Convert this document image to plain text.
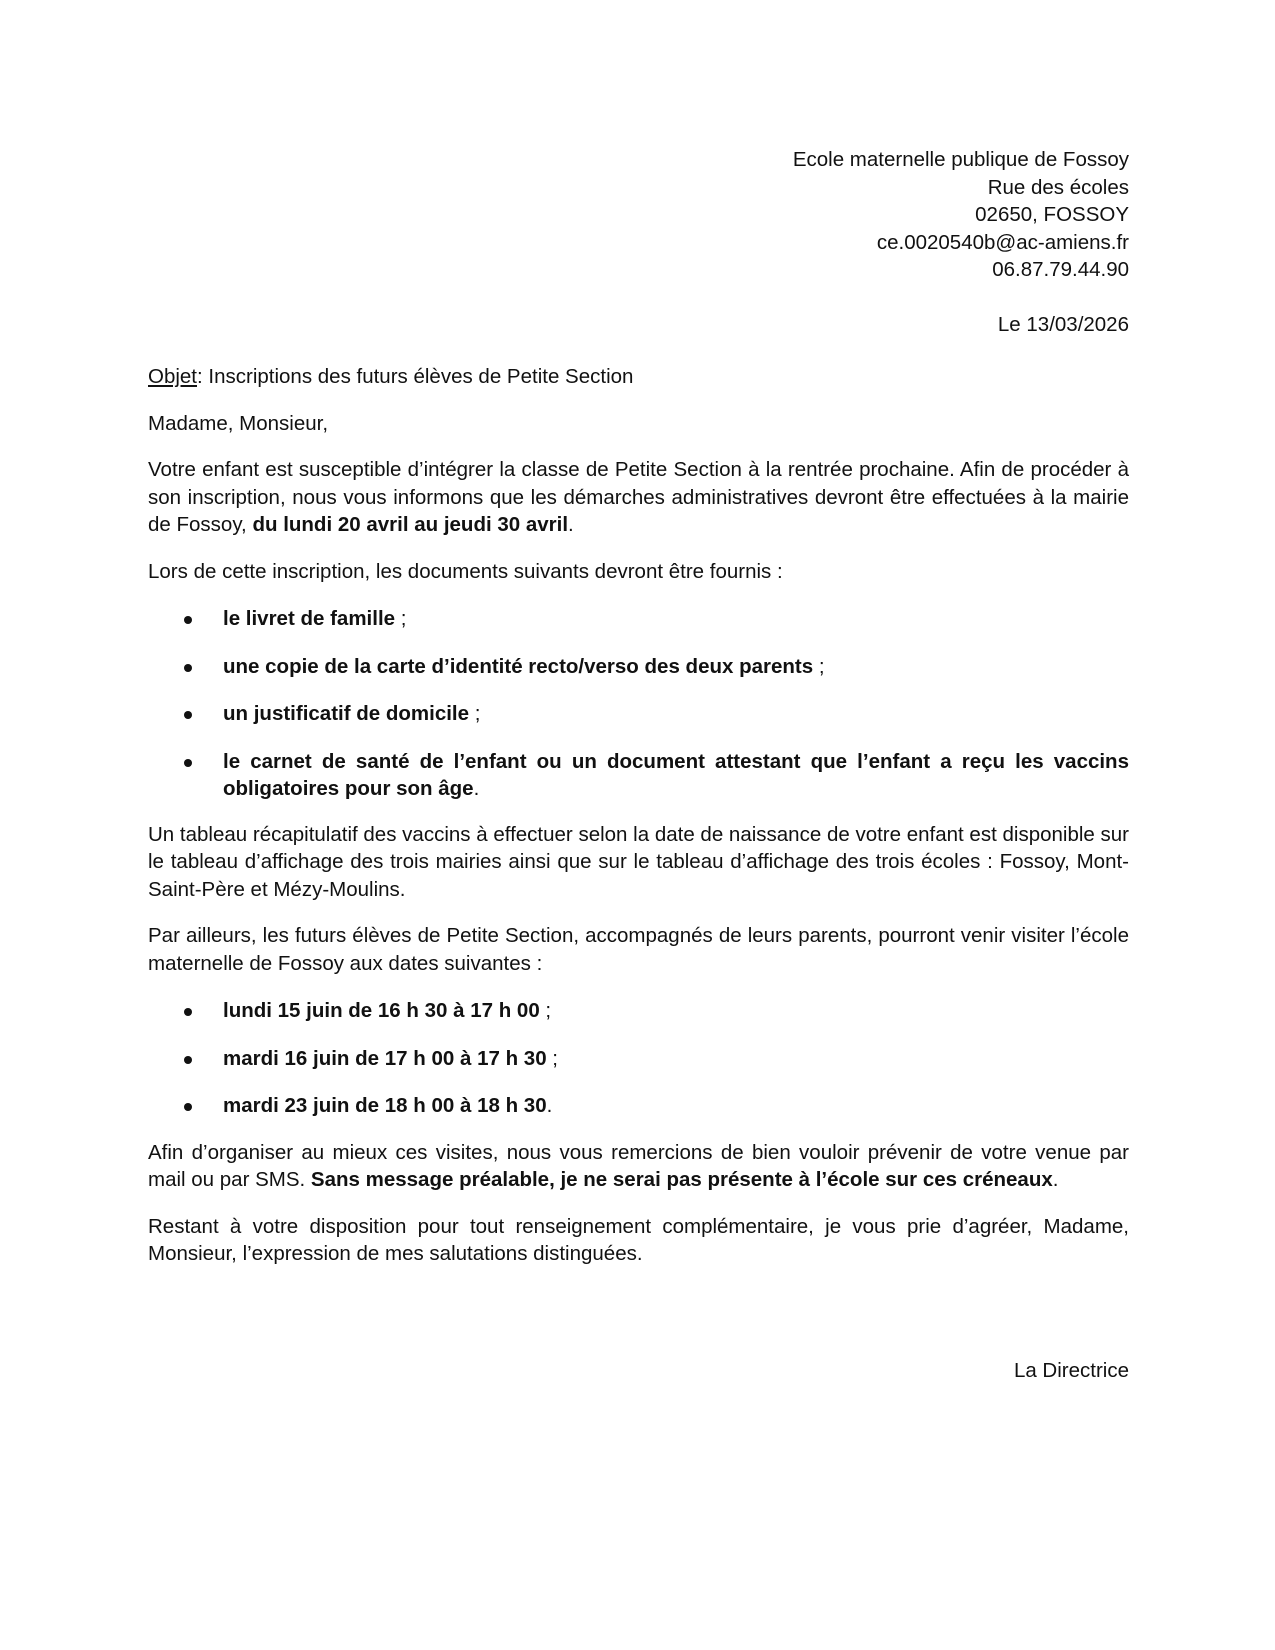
Ecole maternelle publique de Fossoy
Rue des écoles
02650, FOSSOY
ce.0020540b@ac-amiens.fr
06.87.79.44.90
Le 13/03/2026

Objet: Inscriptions des futurs élèves de Petite Section

Madame, Monsieur,

Votre enfant est susceptible d’intégrer la classe de Petite Section à la rentrée prochaine. Afin de procéder à son inscription, nous vous informons que les démarches administratives devront être effectuées à la mairie de Fossoy, du lundi 20 avril au jeudi 30 avril.

Lors de cette inscription, les documents suivants devront être fournis :

le livret de famille ;
une copie de la carte d’identité recto/verso des deux parents ;
un justificatif de domicile ;
le carnet de santé de l’enfant ou un document attestant que l’enfant a reçu les vaccins obligatoires pour son âge.

Un tableau récapitulatif des vaccins à effectuer selon la date de naissance de votre enfant est disponible sur le tableau d’affichage des trois mairies ainsi que sur le tableau d’affichage des trois écoles : Fossoy, Mont-Saint-Père et Mézy-Moulins.

Par ailleurs, les futurs élèves de Petite Section, accompagnés de leurs parents, pourront venir visiter l’école maternelle de Fossoy aux dates suivantes :

lundi 15 juin de 16 h 30 à 17 h 00 ;
mardi 16 juin de 17 h 00 à 17 h 30 ;
mardi 23 juin de 18 h 00 à 18 h 30.

Afin d’organiser au mieux ces visites, nous vous remercions de bien vouloir prévenir de votre venue par mail ou par SMS. Sans message préalable, je ne serai pas présente à l’école sur ces créneaux.

Restant à votre disposition pour tout renseignement complémentaire, je vous prie d’agréer, Madame, Monsieur, l’expression de mes salutations distinguées.

La Directrice
